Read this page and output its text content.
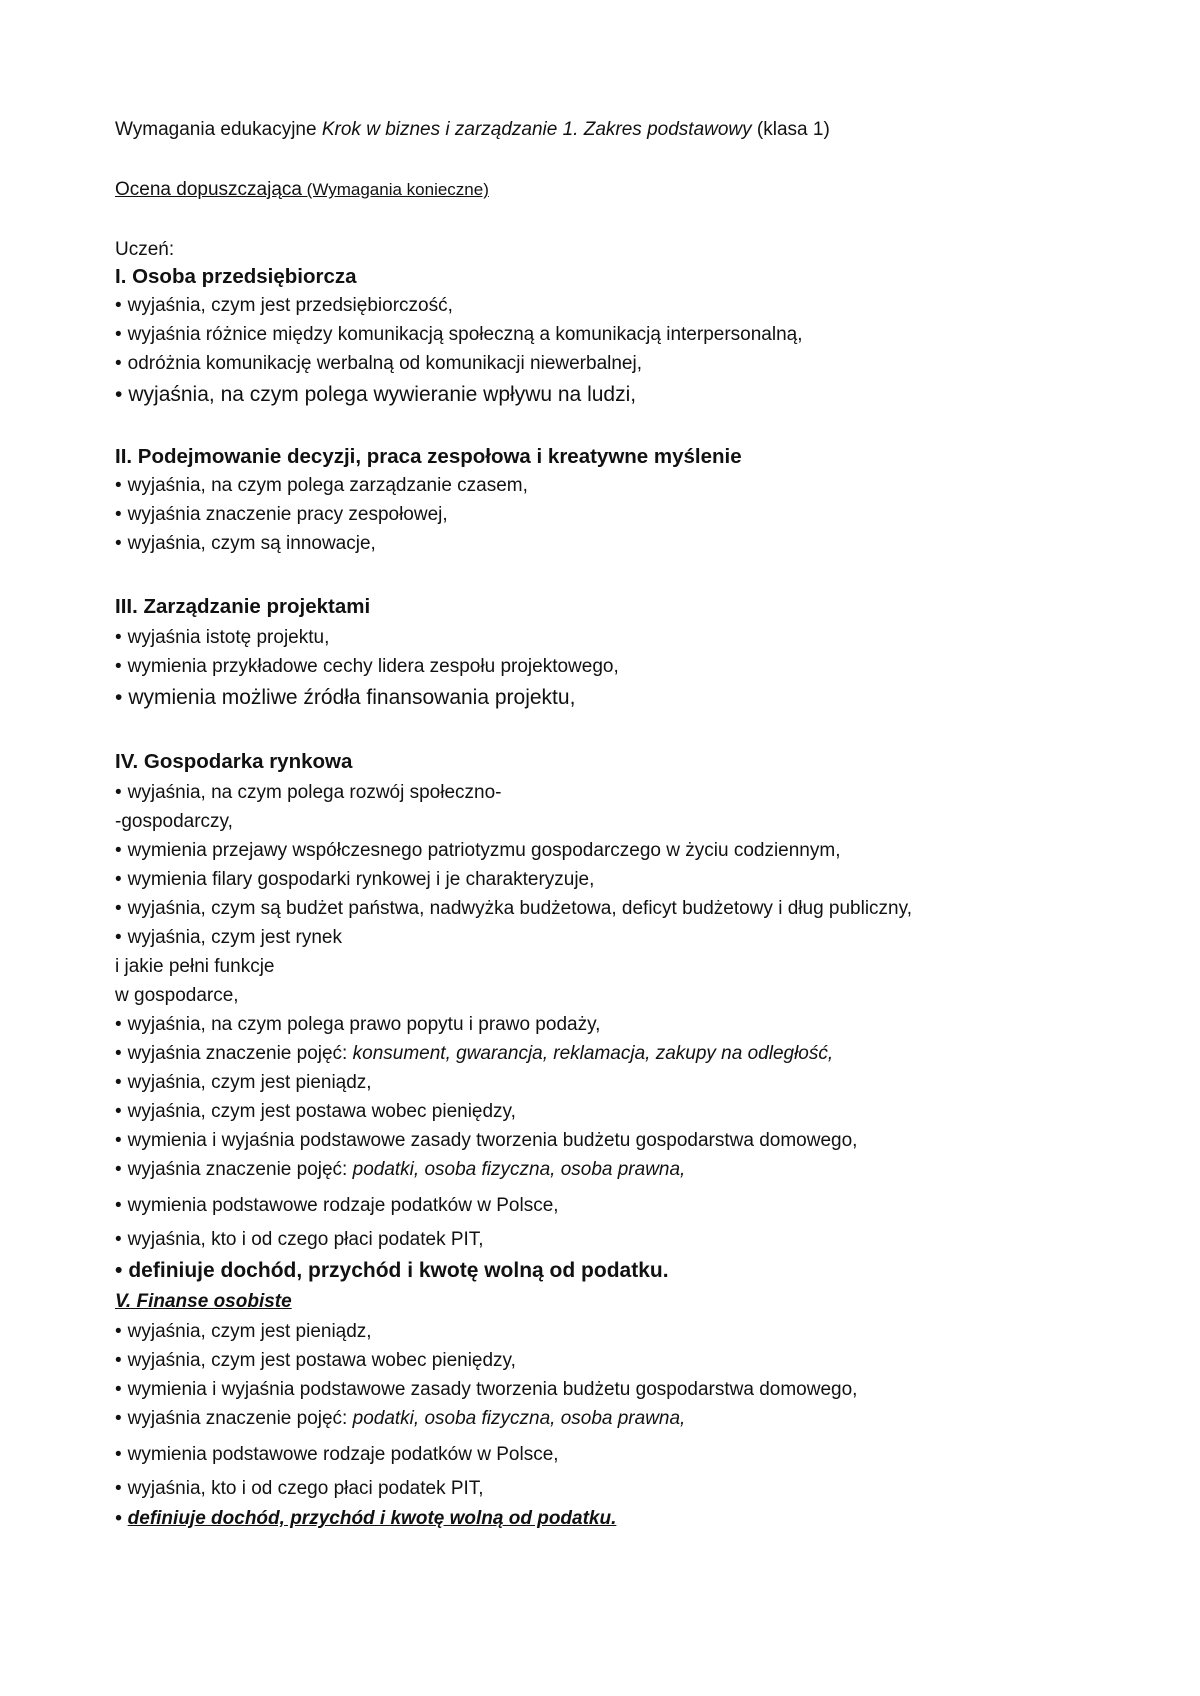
Wymagania edukacyjne Krok w biznes i zarządzanie 1. Zakres podstawowy (klasa 1)
Ocena dopuszczająca (Wymagania konieczne)
Uczeń:
I. Osoba przedsiębiorcza
• wyjaśnia, czym jest przedsiębiorczość,
• wyjaśnia różnice między komunikacją społeczną a komunikacją interpersonalną,
• odróżnia komunikację werbalną od komunikacji niewerbalnej,
• wyjaśnia, na czym polega wywieranie wpływu na ludzi,
II. Podejmowanie decyzji, praca zespołowa i kreatywne myślenie
• wyjaśnia, na czym polega zarządzanie czasem,
• wyjaśnia znaczenie pracy zespołowej,
• wyjaśnia, czym są innowacje,
III. Zarządzanie projektami
• wyjaśnia istotę projektu,
• wymienia przykładowe cechy lidera zespołu projektowego,
• wymienia możliwe źródła finansowania projektu,
IV. Gospodarka rynkowa
• wyjaśnia, na czym polega rozwój społeczno-
-gospodarczy,
• wymienia przejawy współczesnego patriotyzmu gospodarczego w życiu codziennym,
• wymienia filary gospodarki rynkowej i je charakteryzuje,
• wyjaśnia, czym są budżet państwa, nadwyżka budżetowa, deficyt budżetowy i dług publiczny,
• wyjaśnia, czym jest rynek
i jakie pełni funkcje
w gospodarce,
• wyjaśnia, na czym polega prawo popytu i prawo podaży,
• wyjaśnia znaczenie pojęć: konsument, gwarancja, reklamacja, zakupy na odległość,
• wyjaśnia, czym jest pieniądz,
• wyjaśnia, czym jest postawa wobec pieniędzy,
• wymienia i wyjaśnia podstawowe zasady tworzenia budżetu gospodarstwa domowego,
• wyjaśnia znaczenie pojęć: podatki, osoba fizyczna, osoba prawna,
• wymienia podstawowe rodzaje podatków w Polsce,
• wyjaśnia, kto i od czego płaci podatek PIT,
• definiuje dochód, przychód i kwotę wolną od podatku.
V. Finanse osobiste
• wyjaśnia, czym jest pieniądz,
• wyjaśnia, czym jest postawa wobec pieniędzy,
• wymienia i wyjaśnia podstawowe zasady tworzenia budżetu gospodarstwa domowego,
• wyjaśnia znaczenie pojęć: podatki, osoba fizyczna, osoba prawna,
• wymienia podstawowe rodzaje podatków w Polsce,
• wyjaśnia, kto i od czego płaci podatek PIT,
• definiuje dochód, przychód i kwotę wolną od podatku.
